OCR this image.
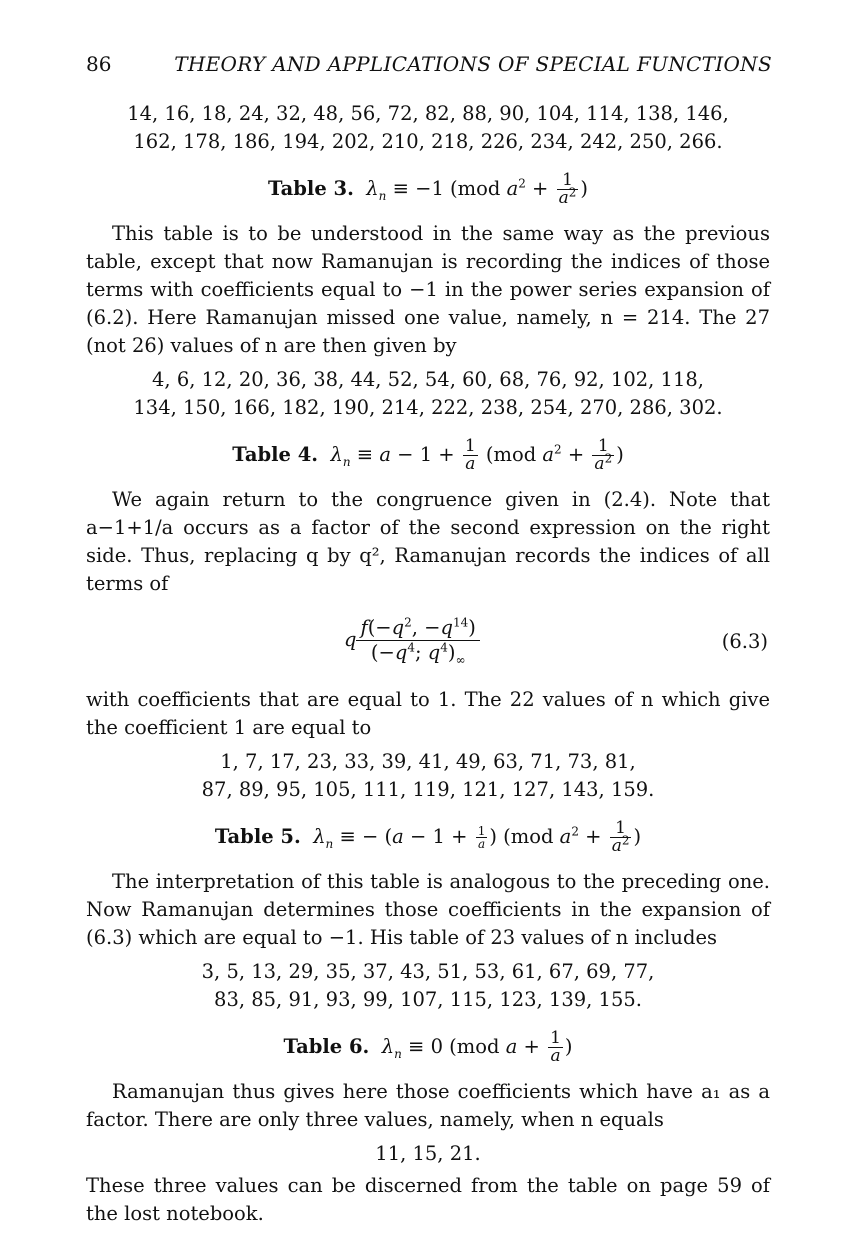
86	THEORY AND APPLICATIONS OF SPECIAL FUNCTIONS
14, 16, 18, 24, 32, 48, 56, 72, 82, 88, 90, 104, 114, 138, 146,
162, 178, 186, 194, 202, 210, 218, 226, 234, 242, 250, 266.
Table 3. $\lambda_n \equiv -1$ (mod $a^2 + \frac{1}{a^2}$ )

This table is to be understood in the same way as the previous table, except that now Ramanujan is recording the indices of those terms with coefficients equal to −1 in the power series expansion of (6.2). Here Ramanujan missed one value, namely, n = 214. The 27 (not 26) values of n are then given by

4, 6, 12, 20, 36, 38, 44, 52, 54, 60, 68, 76, 92, 102, 118,
134, 150, 166, 182, 190, 214, 222, 238, 254, 270, 286, 302.
Table 4. $\lambda_n \equiv a - 1 + \frac{1}{a} (mod$ $a^2 + \frac{1}{a^2}$ )

We again return to the congruence given in (2.4). Note that a−1+1/a occurs as a factor of the second expression on the right side. Thus, replacing q by q², Ramanujan records the indices of all terms of

q $\frac{f(-q^2, -q^{14})}{(-q^4; q^4)_\infty}$	(6.3)

with coefficients that are equal to 1. The 22 values of n which give the coefficient 1 are equal to

1, 7, 17, 23, 33, 39, 41, 49, 63, 71, 73, 81,
87, 89, 95, 105, 111, 119, 121, 127, 143, 159.
Table 5. $\lambda_n$ ≡ − ($a - 1 + \frac{1}{a}$ ) (mod $a^2 + \frac{1}{a^2}$ )

The interpretation of this table is analogous to the preceding one. Now Ramanujan determines those coefficients in the expansion of (6.3) which are equal to −1. His table of 23 values of n includes

3, 5, 13, 29, 35, 37, 43, 51, 53, 61, 67, 69, 77,
83, 85, 91, 93, 99, 107, 115, 123, 139, 155.
Table 6. $\lambda_n \equiv 0$ (mod $a + \frac{1}{a}$ )

Ramanujan thus gives here those coefficients which have a₁ as a factor. There are only three values, namely, when n equals

11, 15, 21.

These three values can be discerned from the table on page 59 of the lost notebook.
